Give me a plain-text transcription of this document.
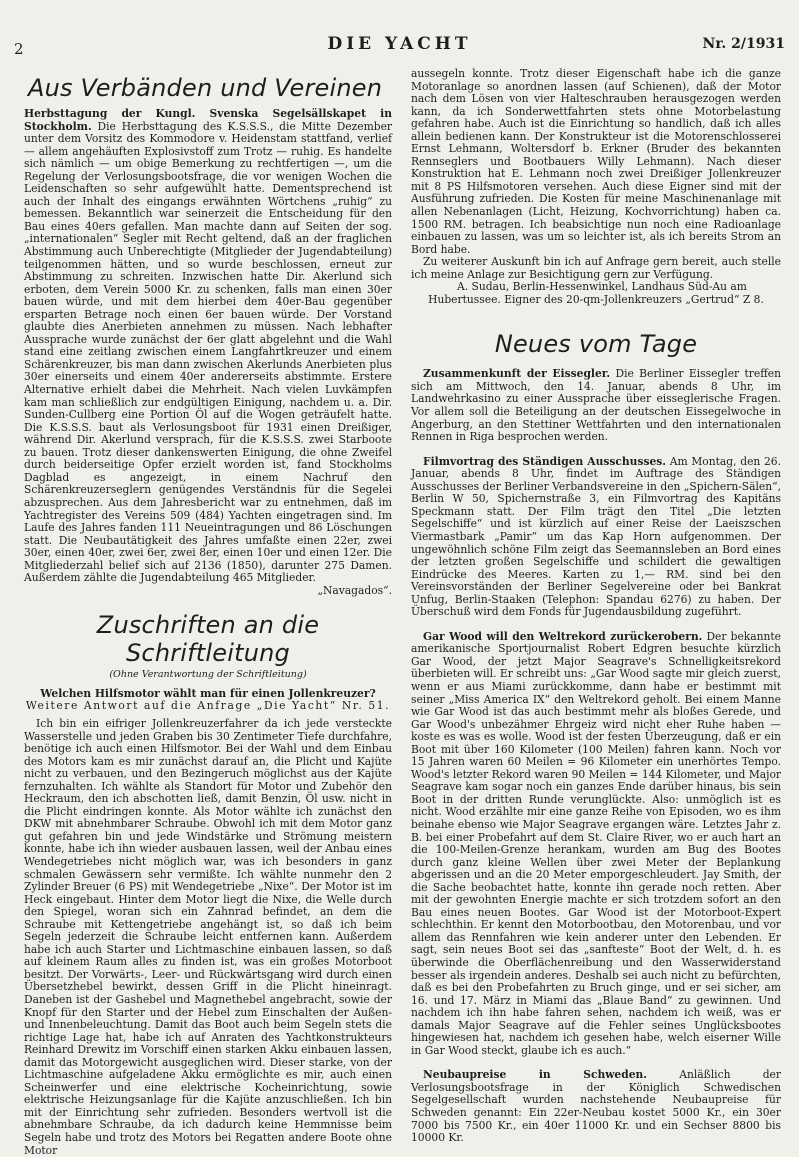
2	DIE YACHT	Nr. 2/1931
Aus Verbänden und Vereinen

Herbsttagung der Kungl. Svenska Segelsällskapet in Stockholm. Die Herbsttagung des K.S.S.S., die Mitte Dezember unter dem Vorsitz des Kommodore v. Heidenstam stattfand, verlief — allem angehäuften Explosivstoff zum Trotz — ruhig. Es handelte sich nämlich — um obige Bemerkung zu rechtfertigen —, um die Regelung der Verlosungsbootsfrage, die vor wenigen Wochen die Leidenschaften so sehr aufgewühlt hatte. Dementsprechend ist auch der Inhalt des eingangs erwähnten Wörtchens „ruhig“ zu bemessen. Bekanntlich war seinerzeit die Entscheidung für den Bau eines 40ers gefallen. Man machte dann auf Seiten der sog. „internationalen“ Segler mit Recht geltend, daß an der fraglichen Abstimmung auch Unberechtigte (Mitglieder der Jugendabteilung) teilgenommen hätten, und so wurde beschlossen, erneut zur Abstimmung zu schreiten. Inzwischen hatte Dir. Akerlund sich erboten, dem Verein 5000 Kr. zu schenken, falls man einen 30er bauen würde, und mit dem hierbei dem 40er-Bau gegenüber ersparten Betrage noch einen 6er bauen würde. Der Vorstand glaubte dies Anerbieten annehmen zu müssen. Nach lebhafter Aussprache wurde zunächst der 6er glatt abgelehnt und die Wahl stand eine zeitlang zwischen einem Langfahrtkreuzer und einem Schärenkreuzer, bis man dann zwischen Akerlunds Anerbieten plus 30er einerseits und einem 40er andererseits abstimmte. Erstere Alternative erhielt dabei die Mehrheit. Nach vielen Luvkämpfen kam man schließlich zur endgültigen Einigung, nachdem u. a. Dir. Sunden-Cullberg eine Portion Öl auf die Wogen geträufelt hatte. Die K.S.S.S. baut als Verlosungsboot für 1931 einen Dreißiger, während Dir. Akerlund versprach, für die K.S.S.S. zwei Starboote zu bauen. Trotz dieser dankenswerten Einigung, die ohne Zweifel durch beiderseitige Opfer erzielt worden ist, fand Stockholms Dagblad es angezeigt, in einem Nachruf den Schärenkreuzerseglern genügendes Verständnis für die Segelei abzusprechen. Aus dem Jahresbericht war zu entnehmen, daß im Yachtregister des Vereins 509 (484) Yachten eingetragen sind. Im Laufe des Jahres fanden 111 Neueintragungen und 86 Löschungen statt. Die Neubautätigkeit des Jahres umfaßte einen 22er, zwei 30er, einen 40er, zwei 6er, zwei 8er, einen 10er und einen 12er. Die Mitgliederzahl belief sich auf 2136 (1850), darunter 275 Damen. Außerdem zählte die Jugendabteilung 465 Mitglieder.

„Navagados“.

Zuschriften an die Schriftleitung
(Ohne Verantwortung der Schriftleitung)
Welchen Hilfsmotor wählt man für einen Jollenkreuzer?
Weitere Antwort auf die Anfrage „Die Yacht“ Nr. 51.

Ich bin ein eifriger Jollenkreuzerfahrer da ich jede versteckte Wasserstelle und jeden Graben bis 30 Zentimeter Tiefe durchfahre, benötige ich auch einen Hilfsmotor. Bei der Wahl und dem Einbau des Motors kam es mir zunächst darauf an, die Plicht und Kajüte nicht zu verbauen, und den Bezingeruch möglichst aus der Kajüte fernzuhalten. Ich wählte als Standort für Motor und Zubehör den Heckraum, den ich abschotten ließ, damit Benzin, Öl usw. nicht in die Plicht eindringen konnte. Als Motor wählte ich zunächst den DKW mit abnehmbarer Schraube. Obwohl ich mit dem Motor ganz gut gefahren bin und jede Windstärke und Strömung meistern konnte, habe ich ihn wieder ausbauen lassen, weil der Anbau eines Wendegetriebes nicht möglich war, was ich besonders in ganz schmalen Gewässern sehr vermißte. Ich wählte nunmehr den 2 Zylinder Breuer (6 PS) mit Wendegetriebe „Nixe“. Der Motor ist im Heck eingebaut. Hinter dem Motor liegt die Nixe, die Welle durch den Spiegel, woran sich ein Zahnrad befindet, an dem die Schraube mit Kettengetriebe angehängt ist, so daß ich beim Segeln jederzeit die Schraube leicht entfernen kann. Außerdem habe ich auch Starter und Lichtmaschine einbauen lassen, so daß auf kleinem Raum alles zu finden ist, was ein großes Motorboot besitzt. Der Vorwärts-, Leer- und Rückwärtsgang wird durch einen Übersetzhebel bewirkt, dessen Griff in die Plicht hineinragt. Daneben ist der Gashebel und Magnethebel angebracht, sowie der Knopf für den Starter und der Hebel zum Einschalten der Außen- und Innenbeleuchtung. Damit das Boot auch beim Segeln stets die richtige Lage hat, habe ich auf Anraten des Yachtkonstrukteurs Reinhard Drewitz im Vorschiff einen starken Akku einbauen lassen, damit das Motorgewicht ausgeglichen wird. Dieser starke, von der Lichtmaschine aufgeladene Akku ermöglichte es mir, auch einen Scheinwerfer und eine elektrische Kocheinrichtung, sowie elektrische Heizungsanlage für die Kajüte anzuschließen. Ich bin mit der Einrichtung sehr zufrieden. Besonders wertvoll ist die abnehmbare Schraube, da ich dadurch keine Hemmnisse beim Segeln habe und trotz des Motors bei Regatten andere Boote ohne Motor

aussegeln konnte. Trotz dieser Eigenschaft habe ich die ganze Motoranlage so anordnen lassen (auf Schienen), daß der Motor nach dem Lösen von vier Halteschrauben herausgezogen werden kann, da ich Sonderwettfahrten stets ohne Motorbelastung gefahren habe. Auch ist die Einrichtung so handlich, daß ich alles allein bedienen kann. Der Konstrukteur ist die Motorenschlosserei Ernst Lehmann, Woltersdorf b. Erkner (Bruder des bekannten Rennseglers und Bootbauers Willy Lehmann). Nach dieser Konstruktion hat E. Lehmann noch zwei Dreißiger Jollenkreuzer mit 8 PS Hilfsmotoren versehen. Auch diese Eigner sind mit der Ausführung zufrieden. Die Kosten für meine Maschinenanlage mit allen Nebenanlagen (Licht, Heizung, Kochvorrichtung) haben ca. 1500 RM. betragen. Ich beabsichtige nun noch eine Radioanlage einbauen zu lassen, was um so leichter ist, als ich bereits Strom an Bord habe.

Zu weiterer Auskunft bin ich auf Anfrage gern bereit, auch stelle ich meine Anlage zur Besichtigung gern zur Verfügung.

A. Sudau, Berlin-Hessenwinkel, Landhaus Süd-Au am Hubertussee. Eigner des 20-qm-Jollenkreuzers „Gertrud“ Z 8.

Neues vom Tage

Zusammenkunft der Eissegler. Die Berliner Eissegler treffen sich am Mittwoch, den 14. Januar, abends 8 Uhr, im Landwehrkasino zu einer Aussprache über eisseglerische Fragen. Vor allem soll die Beteiligung an der deutschen Eissegelwoche in Angerburg, an den Stettiner Wettfahrten und den internationalen Rennen in Riga besprochen werden.

Filmvortrag des Ständigen Ausschusses. Am Montag, den 26. Januar, abends 8 Uhr, findet im Auftrage des Ständigen Ausschusses der Berliner Verbandsvereine in den „Spichern-Sälen“, Berlin W 50, Spichernstraße 3, ein Filmvortrag des Kapitäns Speckmann statt. Der Film trägt den Titel „Die letzten Segelschiffe“ und ist kürzlich auf einer Reise der Laeiszschen Viermastbark „Pamir“ um das Kap Horn aufgenommen. Der ungewöhnlich schöne Film zeigt das Seemannsleben an Bord eines der letzten großen Segelschiffe und schildert die gewaltigen Eindrücke des Meeres. Karten zu 1,— RM. sind bei den Vereinsvorständen der Berliner Segelvereine oder bei Bankrat Unfug, Berlin-Staaken (Telephon: Spandau 6276) zu haben. Der Überschuß wird dem Fonds für Jugendausbildung zugeführt.

Gar Wood will den Weltrekord zurückerobern. Der bekannte amerikanische Sportjournalist Robert Edgren besuchte kürzlich Gar Wood, der jetzt Major Seagrave's Schnelligkeitsrekord überbieten will. Er schreibt uns: „Gar Wood sagte mir gleich zuerst, wenn er aus Miami zurückkomme, dann habe er bestimmt mit seiner „Miss America IX“ den Weltrekord geholt. Bei einem Manne wie Gar Wood ist das auch bestimmt mehr als bloßes Gerede, und Gar Wood's unbezähmer Ehrgeiz wird nicht eher Ruhe haben — koste es was es wolle. Wood ist der festen Überzeugung, daß er ein Boot mit über 160 Kilometer (100 Meilen) fahren kann. Noch vor 15 Jahren waren 60 Meilen = 96 Kilometer ein unerhörtes Tempo. Wood's letzter Rekord waren 90 Meilen = 144 Kilometer, und Major Seagrave kam sogar noch ein ganzes Ende darüber hinaus, bis sein Boot in der dritten Runde verunglückte. Also: unmöglich ist es nicht. Wood erzählte mir eine ganze Reihe von Episoden, wo es ihm beinahe ebenso wie Major Seagrave ergangen wäre. Letztes Jahr z. B. bei einer Probefahrt auf dem St. Claire River, wo er auch hart an die 100-Meilen-Grenze herankam, wurden am Bug des Bootes durch ganz kleine Wellen über zwei Meter der Beplankung abgerissen und an die 20 Meter emporgeschleudert. Jay Smith, der die Sache beobachtet hatte, konnte ihn gerade noch retten. Aber mit der gewohnten Energie machte er sich trotzdem sofort an den Bau eines neuen Bootes. Gar Wood ist der Motorboot-Expert schlechthin. Er kennt den Motorbootbau, den Motorenbau, und vor allem das Rennfahren wie kein anderer unter den Lebenden. Er sagt, sein neues Boot sei das „sanfteste“ Boot der Welt, d. h. es überwinde die Oberflächenreibung und den Wasserwiderstand besser als irgendein anderes. Deshalb sei auch nicht zu befürchten, daß es bei den Probefahrten zu Bruch ginge, und er sei sicher, am 16. und 17. März in Miami das „Blaue Band“ zu gewinnen. Und nachdem ich ihn habe fahren sehen, nachdem ich weiß, was er damals Major Seagrave auf die Fehler seines Unglücksbootes hingewiesen hat, nachdem ich gesehen habe, welch eiserner Wille in Gar Wood steckt, glaube ich es auch.“

Neubaupreise in Schweden.	Anläßlich der Verlosungsbootsfrage in der Königlich Schwedischen Segelgesellschaft wurden nachstehende Neubaupreise für Schweden genannt: Ein 22er-Neubau kostet 5000 Kr., ein 30er 7000 bis 7500 Kr., ein 40er 11000 Kr. und ein Sechser 8800 bis 10000 Kr.
